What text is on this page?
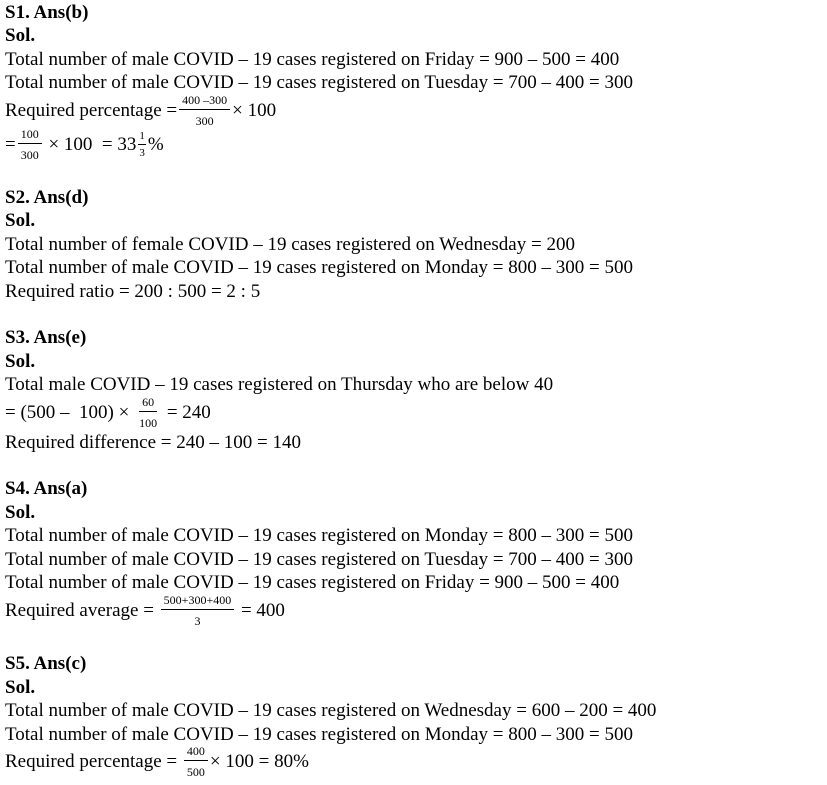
S1. Ans(b)
Sol.
Total number of male COVID – 19 cases registered on Friday = 900 – 500 = 400
Total number of male COVID – 19 cases registered on Tuesday = 700 – 400 = 300
Required percentage = $\frac{400 -300}{300} \times 100$
= $\frac{100}{300} \times 100 = 33 \frac{1}{3}$ %
S2. Ans(d)
Sol.
Total number of female COVID – 19 cases registered on Wednesday = 200
Total number of male COVID – 19 cases registered on Monday = 800 – 300 = 500
Required ratio = 200 : 500 = 2 : 5
S3. Ans(e)
Sol.
Total male COVID – 19 cases registered on Thursday who are below 40
= $(500 - 100) \times \frac{60}{100} = 240$
Required difference = 240 – 100 = 140
S4. Ans(a)
Sol.
Total number of male COVID – 19 cases registered on Monday = 800 – 300 = 500
Total number of male COVID – 19 cases registered on Tuesday = 700 – 400 = 300
Total number of male COVID – 19 cases registered on Friday = 900 – 500 = 400
Required average = $\frac{500+300+400}{3} = 400$
S5. Ans(c)
Sol.
Total number of male COVID – 19 cases registered on Wednesday = 600 – 200 = 400
Total number of male COVID – 19 cases registered on Monday = 800 – 300 = 500
Required percentage = $\frac{400}{500} \times 100 = 80\%$
